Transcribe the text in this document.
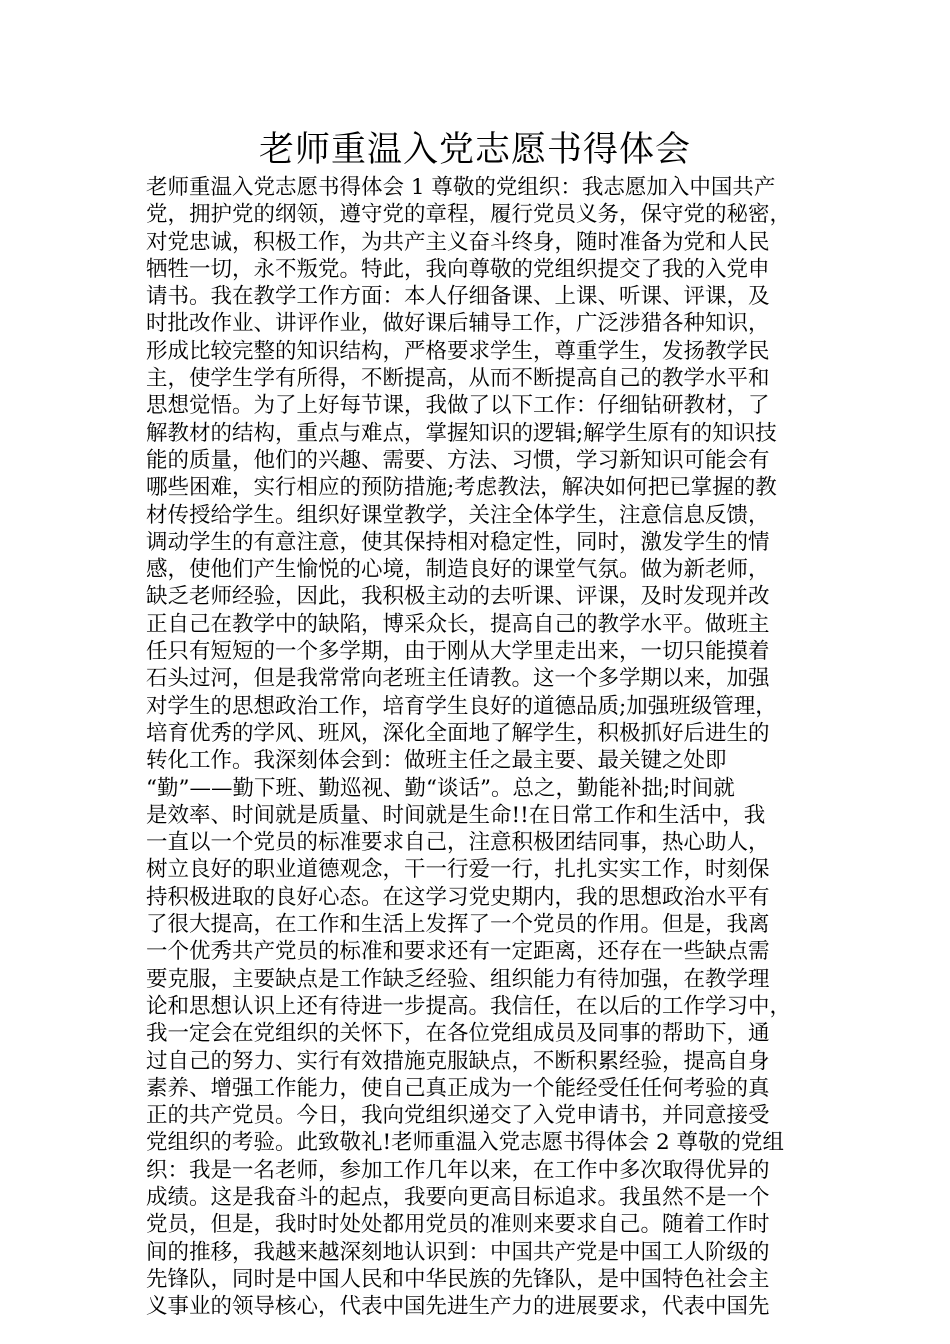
老师重温入党志愿书得体会
老师重温入党志愿书得体会 1 尊敬的党组织：我志愿加入中国共产
党，拥护党的纲领，遵守党的章程，履行党员义务，保守党的秘密，
对党忠诚，积极工作，为共产主义奋斗终身，随时准备为党和人民
牺牲一切，永不叛党。特此，我向尊敬的党组织提交了我的入党申
请书。我在教学工作方面：本人仔细备课、上课、听课、评课，及
时批改作业、讲评作业，做好课后辅导工作，广泛涉猎各种知识，
形成比较完整的知识结构，严格要求学生，尊重学生，发扬教学民
主，使学生学有所得，不断提高，从而不断提高自己的教学水平和
思想觉悟。为了上好每节课，我做了以下工作：仔细钻研教材，了
解教材的结构，重点与难点，掌握知识的逻辑;解学生原有的知识技
能的质量，他们的兴趣、需要、方法、习惯，学习新知识可能会有
哪些困难，实行相应的预防措施;考虑教法，解决如何把已掌握的教
材传授给学生。组织好课堂教学，关注全体学生，注意信息反馈，
调动学生的有意注意，使其保持相对稳定性，同时，激发学生的情
感，使他们产生愉悦的心境，制造良好的课堂气氛。做为新老师，
缺乏老师经验，因此，我积极主动的去听课、评课，及时发现并改
正自己在教学中的缺陷，博采众长，提高自己的教学水平。做班主
任只有短短的一个多学期，由于刚从大学里走出来，一切只能摸着
石头过河，但是我常常向老班主任请教。这一个多学期以来，加强
对学生的思想政治工作，培育学生良好的道德品质;加强班级管理，
培育优秀的学风、班风，深化全面地了解学生，积极抓好后进生的
转化工作。我深刻体会到：做班主任之最主要、最关键之处即
“勤”——勤下班、勤巡视、勤“谈话”。总之，勤能补拙;时间就
是效率、时间就是质量、时间就是生命!!在日常工作和生活中，我
一直以一个党员的标准要求自己，注意积极团结同事，热心助人，
树立良好的职业道德观念，干一行爱一行，扎扎实实工作，时刻保
持积极进取的良好心态。在这学习党史期内，我的思想政治水平有
了很大提高，在工作和生活上发挥了一个党员的作用。但是，我离
一个优秀共产党员的标准和要求还有一定距离，还存在一些缺点需
要克服，主要缺点是工作缺乏经验、组织能力有待加强，在教学理
论和思想认识上还有待进一步提高。我信任，在以后的工作学习中，
我一定会在党组织的关怀下，在各位党组成员及同事的帮助下，通
过自己的努力、实行有效措施克服缺点，不断积累经验，提高自身
素养、增强工作能力，使自己真正成为一个能经受任任何考验的真
正的共产党员。今日，我向党组织递交了入党申请书，并同意接受
党组织的考验。此致敬礼!老师重温入党志愿书得体会 2 尊敬的党组
织：我是一名老师，参加工作几年以来，在工作中多次取得优异的
成绩。这是我奋斗的起点，我要向更高目标追求。我虽然不是一个
党员，但是，我时时处处都用党员的准则来要求自己。随着工作时
间的推移，我越来越深刻地认识到：中国共产党是中国工人阶级的
先锋队，同时是中国人民和中华民族的先锋队，是中国特色社会主
义事业的领导核心，代表中国先进生产力的进展要求，代表中国先
